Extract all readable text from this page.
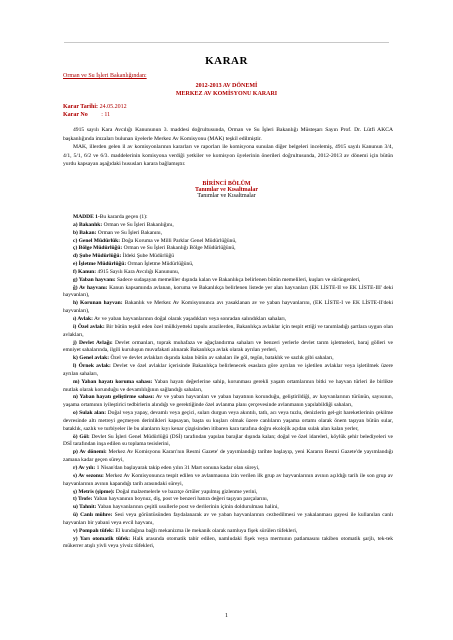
KARAR
Orman ve Su İşleri Bakanlığından:
2012-2013 AV DÖNEMİ
MERKEZ AV KOMİSYONU KARARI
Karar Tarihi: 24.05.2012
Karar No : 11
4915 sayılı Kara Avcılığı Kanununun 3. maddesi doğrultusunda, Orman ve Su İşleri Bakanlığı Müsteşarı Sayın Prof. Dr. Lütfi AKCA başkanlığında imzaları bulunan üyelerle Merkez Av Komisyonu (MAK) teşkil edilmiştir.
MAK, illerden gelen il av komisyonlarının kararları ve raporları ile komisyona sunulan diğer belgeleri incelemiş, 4915 sayılı Kanunun 3/4, 4/1, 5/1, 6/2 ve 6/3. maddelerinin komisyona verdiği yetkiler ve komisyon üyelerinin önerileri doğrultusunda, 2012-2013 av dönemi için bütün yurdu kapsayan aşağıdaki hususları karara bağlamıştır.
BİRİNCİ BÖLÜM
Tanımlar ve Kısaltmalar
Tanımlar ve Kısaltmalar
MADDE 1-Bu kararda geçen (1):
a) Bakanlık: Orman ve Su İşleri Bakanlığını,
b) Bakan: Orman ve Su İşleri Bakanını,
c) Genel Müdürlük: Doğa Koruma ve Milli Parklar Genel Müdürlüğünü,
ç) Bölge Müdürlüğü: Orman ve Su İşleri Bakanlığı Bölge Müdürlüğünü,
d) Şube Müdürlüğü: İldeki Şube Müdürlüğü
e) İşletme Müdürlüğü: Orman İşletme Müdürlüğünü,
f) Kanun: 4915 Sayılı Kara Avcılığı Kanununu,
g) Yaban hayvanı: Sadece sudaşayan memeliler dışında kalan ve Bakanlıkça belirlenen bütün memelileri, kuşları ve sürüngenleri,
ğ) Av hayvanı: Kanun kapsamında avlanan, koruma ve Bakanlıkça belirlenen listede yer alan hayvanları (EK LİSTE-II ve EK LİSTE-III' deki hayvanları),
h) Korunan hayvan: Bakanlık ve Merkez Av Komisyonunca avı yasaklanan av ve yaban hayvanlarını, (EK LİSTE-I ve EK LİSTE-II'deki hayvanları),
ı) Avlak: Av ve yaban hayvanlarının doğal olarak yaşadıkları veya sonradan salındıkları sahaları,
i) Özel avlak: Bir bütün teşkil eden özel mülkiyetteki tapulu arazilerden, Bakanlıkça avlaklar için tespit ettiği ve tanımladığı şartlara uygun olan avlakları,
j) Devlet Avlağı: Devlet ormanları, toprak muhafaza ve ağaçlandırma sahaları ve benzeri yerlerle devlet tarım işletmeleri, baraj gölleri ve emniyet sahalarında, ilgili kuruluşun muvafakati alınarak Bakanlıkça avlak olarak ayrılan yerleri,
k) Genel avlak: Özel ve devlet avlakları dışında kalan bütün av sahaları ile göl, tegün, bataklık ve sazlık gibi sahaları,
l) Örnek avlak: Devlet ve özel avlaklar içerisinde Bakanlıkça belirlenecek esaslara göre ayrılan ve işletilen avlaklar veya işletilmek üzere ayrılan sahaları,
m) Yaban hayatı koruma sahası: Yaban hayatı değerlerine sahip, korunması gerekli yaşam ortamlarının bitki ve hayvan türleri ile birlikte mutlak olarak korunduğu ve devamlılığının sağlandığı sahaları,
n) Yaban hayatı geliştirme sahası: Av ve yaban hayvanları ve yaban hayatının korunduğu, geliştirildiği, av hayvanlarının türünün, sayısının, yaşama ortamının iyileştirici tedbirlerin alındığı ve gerektiğinde özel avlanma planı çerçevesinde avlanmanın yapılabildiği sahaları,
o) Sulak alan: Doğal veya yapay, devamlı veya geçici, suları durgun veya akıntılı, tatlı, acı veya tuzlu, denizlerin gel-git hareketlerinin çekilme devresinde altı metreyi geçmeyen derinlikleri kapsayan, başta su kuşları olmak üzere canlıların yaşama ortamı olarak önem taşıyan bütün sular, bataklık, sazlık ve turbiyeler ile bu alanların kıyı kenar çizgisinden itibaren kara tarafına doğru ekolojik açıdan sulak alan kalan yerler,
ö) Göl: Devlet Su İşleri Genel Müdürlüğü (DSİ) tarafından yapılan barajlar dışında kalan; doğal ve özel idareleri, köylük şehir belediyeleri ve DSİ tarafından inşa edilen su toplama tesislerini,
p) Av dönemi: Merkez Av Komisyonu Kararı'nın Resmi Gazete' de yayımlandığı tarihte başlayıp, yeni Kararın Resmi Gazete'de yayımlandığı zamana kadar geçen süreyi,
r) Av yılı: 1 Nisan'dan başlayarak takip eden yılın 31 Mart sonuna kadar olan süreyi,
s) Av sezonu: Merkez Av Komisyonunca tespit edilen ve avlanmasına izin verilen ilk grup av hayvanlarının avının açıldığı tarih ile son grup av hayvanlarının avının kapandığı tarih arasındaki süreyi,
ş) Metris (şipme): Doğal malzemelerle ve bazıtçe örtüler yapılmış gizlenme yerini,
t) Trofe: Yaban hayvanının boynuz, diş, post ve benzeri hatıra değeri taşıyan parçalarını,
u) Tahnit: Yaban hayvanlarının çeşitli usullerle post ve derilerinin içinin doldurulması halini,
ü) Canlı mühre: Sesi veya görüntüsünden faydalanarak av ve yaban hayvanlarının cezbedilmesi ve yakalanması gayesi ile kullanılan canlı hayvanları bir yabani veya evcil hayvanı,
v) Pompalı tüfek: El kundağına bağlı mekanizma ile mekanik olarak namluya fişek sürülen tüfekleri,
y) Yarı otomatik tüfek: Halk arasında otomatik tabir edilen, namludaki fişek veya mermının patlamasını takiben otomatik şarjlı, tek-tek mükerrer atışlı yivli veya yivsiz tüfekleri,
1
